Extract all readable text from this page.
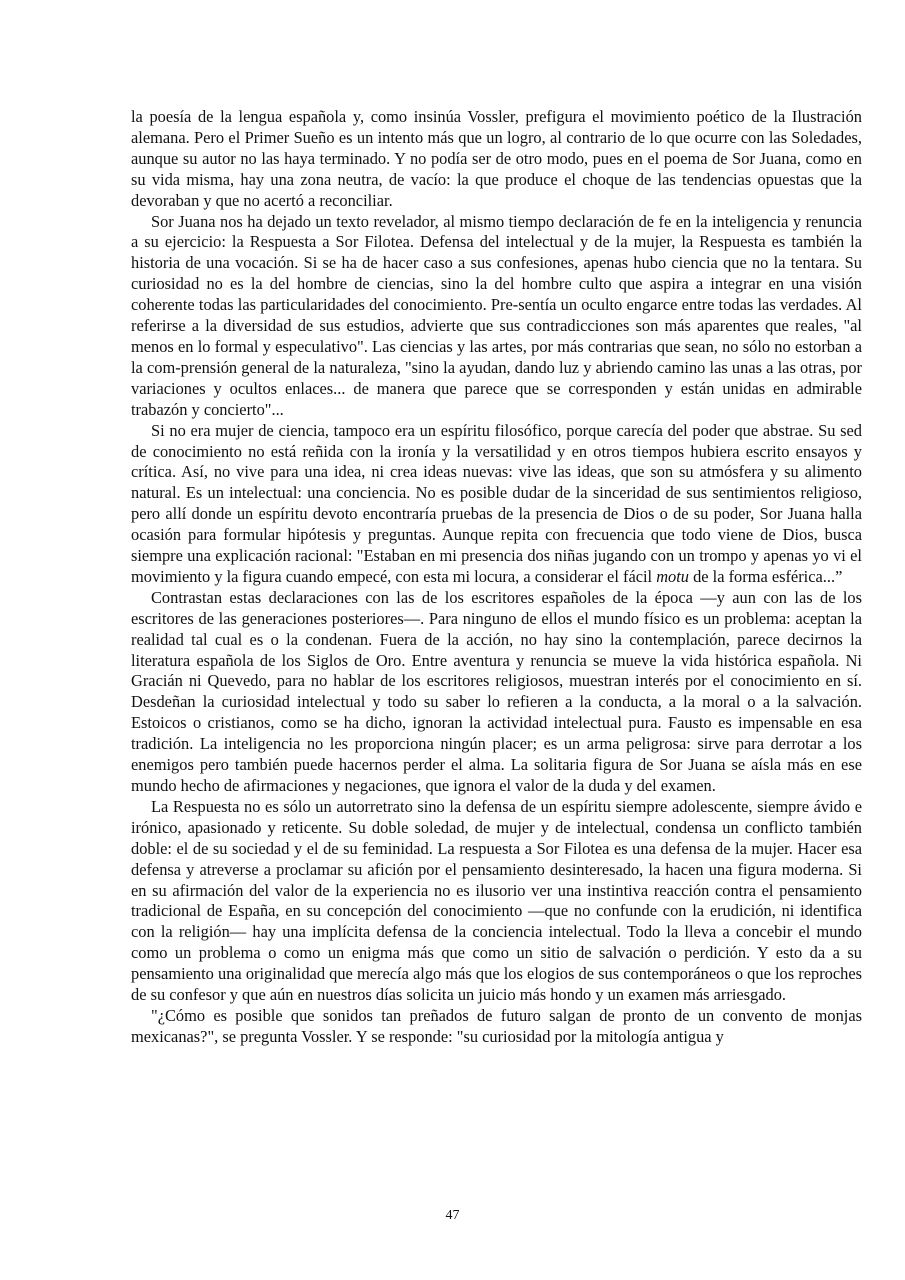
la poesía de la lengua española y, como insinúa Vossler, prefigura el movimiento poético de la Ilustración alemana. Pero el Primer Sueño es un intento más que un logro, al contrario de lo que ocurre con las Soledades, aunque su autor no las haya terminado. Y no podía ser de otro modo, pues en el poema de Sor Juana, como en su vida misma, hay una zona neutra, de vacío: la que produce el choque de las tendencias opuestas que la devoraban y que no acertó a reconciliar.

Sor Juana nos ha dejado un texto revelador, al mismo tiempo declaración de fe en la inteligencia y renuncia a su ejercicio: la Respuesta a Sor Filotea. Defensa del intelectual y de la mujer, la Respuesta es también la historia de una vocación. Si se ha de hacer caso a sus confesiones, apenas hubo ciencia que no la tentara. Su curiosidad no es la del hombre de ciencias, sino la del hombre culto que aspira a integrar en una visión coherente todas las particularidades del conocimiento. Pre-sentía un oculto engarce entre todas las verdades. Al referirse a la diversidad de sus estudios, advierte que sus contradicciones son más aparentes que reales, "al menos en lo formal y especulativo". Las ciencias y las artes, por más contrarias que sean, no sólo no estorban a la com-prensión general de la naturaleza, "sino la ayudan, dando luz y abriendo camino las unas a las otras, por variaciones y ocultos enlaces... de manera que parece que se corresponden y están unidas en admirable trabazón y concierto"...

Si no era mujer de ciencia, tampoco era un espíritu filosófico, porque carecía del poder que abstrae. Su sed de conocimiento no está reñida con la ironía y la versatilidad y en otros tiempos hubiera escrito ensayos y crítica. Así, no vive para una idea, ni crea ideas nuevas: vive las ideas, que son su atmósfera y su alimento natural. Es un intelectual: una conciencia. No es posible dudar de la sinceridad de sus sentimientos religioso, pero allí donde un espíritu devoto encontraría pruebas de la presencia de Dios o de su poder, Sor Juana halla ocasión para formular hipótesis y preguntas. Aunque repita con frecuencia que todo viene de Dios, busca siempre una explicación racional: "Estaban en mi presencia dos niñas jugando con un trompo y apenas yo vi el movimiento y la figura cuando empecé, con esta mi locura, a considerar el fácil motu de la forma esférica...”

Contrastan estas declaraciones con las de los escritores españoles de la época —y aun con las de los escritores de las generaciones posteriores—. Para ninguno de ellos el mundo físico es un problema: aceptan la realidad tal cual es o la condenan. Fuera de la acción, no hay sino la contemplación, parece decirnos la literatura española de los Siglos de Oro. Entre aventura y renuncia se mueve la vida histórica española. Ni Gracián ni Quevedo, para no hablar de los escritores religiosos, muestran interés por el conocimiento en sí. Desdeñan la curiosidad intelectual y todo su saber lo refieren a la conducta, a la moral o a la salvación. Estoicos o cristianos, como se ha dicho, ignoran la actividad intelectual pura. Fausto es impensable en esa tradición. La inteligencia no les proporciona ningún placer; es un arma peligrosa: sirve para derrotar a los enemigos pero también puede hacernos perder el alma. La solitaria figura de Sor Juana se aísla más en ese mundo hecho de afirmaciones y negaciones, que ignora el valor de la duda y del examen.

La Respuesta no es sólo un autorretrato sino la defensa de un espíritu siempre adolescente, siempre ávido e irónico, apasionado y reticente. Su doble soledad, de mujer y de intelectual, condensa un conflicto también doble: el de su sociedad y el de su feminidad. La respuesta a Sor Filotea es una defensa de la mujer. Hacer esa defensa y atreverse a proclamar su afición por el pensamiento desinteresado, la hacen una figura moderna. Si en su afirmación del valor de la experiencia no es ilusorio ver una instintiva reacción contra el pensamiento tradicional de España, en su concepción del conocimiento —que no confunde con la erudición, ni identifica con la religión— hay una implícita defensa de la conciencia intelectual. Todo la lleva a concebir el mundo como un problema o como un enigma más que como un sitio de salvación o perdición. Y esto da a su pensamiento una originalidad que merecía algo más que los elogios de sus contemporáneos o que los reproches de su confesor y que aún en nuestros días solicita un juicio más hondo y un examen más arriesgado.

"¿Cómo es posible que sonidos tan preñados de futuro salgan de pronto de un convento de monjas mexicanas?", se pregunta Vossler. Y se responde: "su curiosidad por la mitología antigua y

47
